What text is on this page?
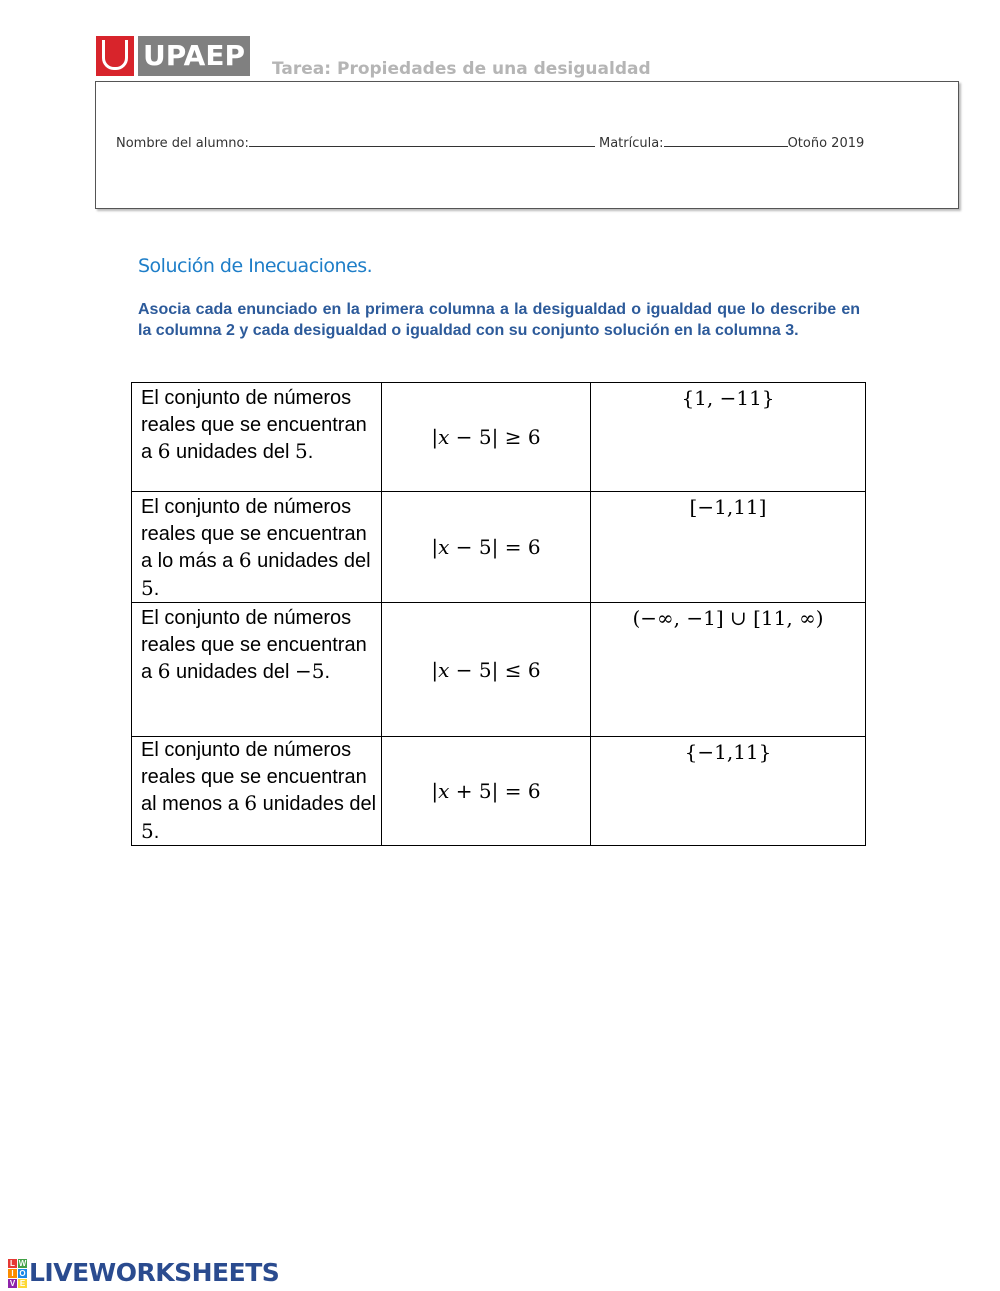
UPAEP Tarea: Propiedades de una desigualdad
Nombre del alumno:	Matrícula:	Otoño 2019
Solución de Inecuaciones.
Asocia cada enunciado en la primera columna a la desigualdad o igualdad que lo describe en la columna 2 y cada desigualdad o igualdad con su conjunto solución en la columna 3.
El conjunto de números reales que se encuentran a 6 unidades del 5.	|𝑥 − 5| ≥ 6	{1, −11}
El conjunto de números reales que se encuentran a lo más a 6 unidades del 5.	|𝑥 − 5| = 6	[−1,11]
El conjunto de números reales que se encuentran a 6 unidades del −5.	|𝑥 − 5| ≤ 6	(−∞, −1] ∪ [11, ∞)
El conjunto de números reales que se encuentran al menos a 6 unidades del 5.	|𝑥 + 5| = 6	{−1,11}
L W
I O
V E LIVEWORKSHEETS
